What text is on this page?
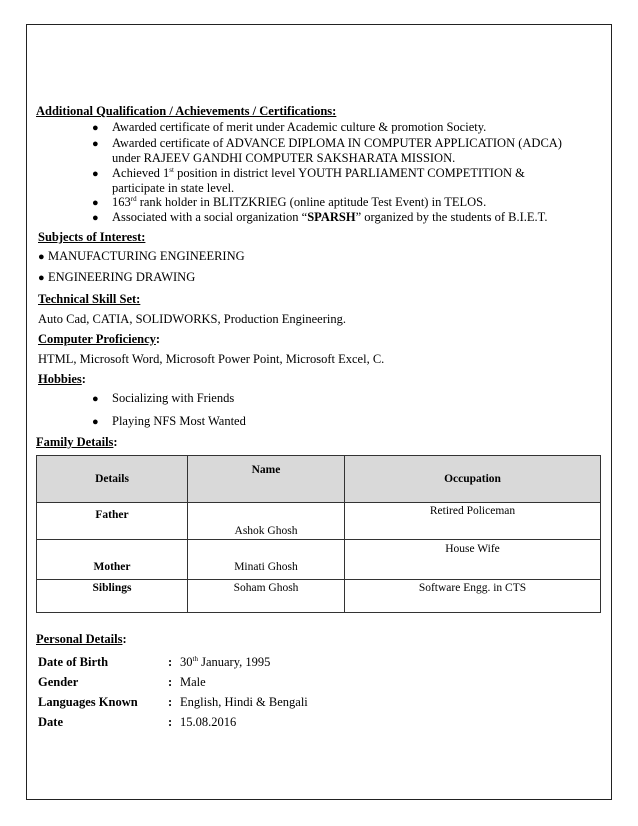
Additional Qualification / Achievements / Certifications:
● Awarded certificate of merit under Academic culture & promotion Society.
● Awarded certificate of ADVANCE DIPLOMA IN COMPUTER APPLICATION (ADCA)
under RAJEEV GANDHI COMPUTER SAKSHARATA MISSION.
● Achieved 1st position in district level YOUTH PARLIAMENT COMPETITION &
participate in state level.
● 163rd rank holder in BLITZKRIEG (online aptitude Test Event) in TELOS.
● Associated with a social organization “SPARSH” organized by the students of B.I.E.T.
Subjects of Interest:
● MANUFACTURING ENGINEERING
● ENGINEERING DRAWING
Technical Skill Set:
Auto Cad, CATIA, SOLIDWORKS, Production Engineering.
Computer Proficiency:
HTML, Microsoft Word, Microsoft Power Point, Microsoft Excel, C.
Hobbies:
● Socializing with Friends
● Playing NFS Most Wanted
Family Details:
Details	Name	Occupation
Father	Ashok Ghosh	Retired Policeman
Mother	Minati Ghosh	House Wife
Siblings	Soham Ghosh	Software Engg. in CTS
Personal Details:
Date of Birth	: 30th January, 1995
Gender	: Male
Languages Known : English, Hindi & Bengali
Date	: 15.08.2016
